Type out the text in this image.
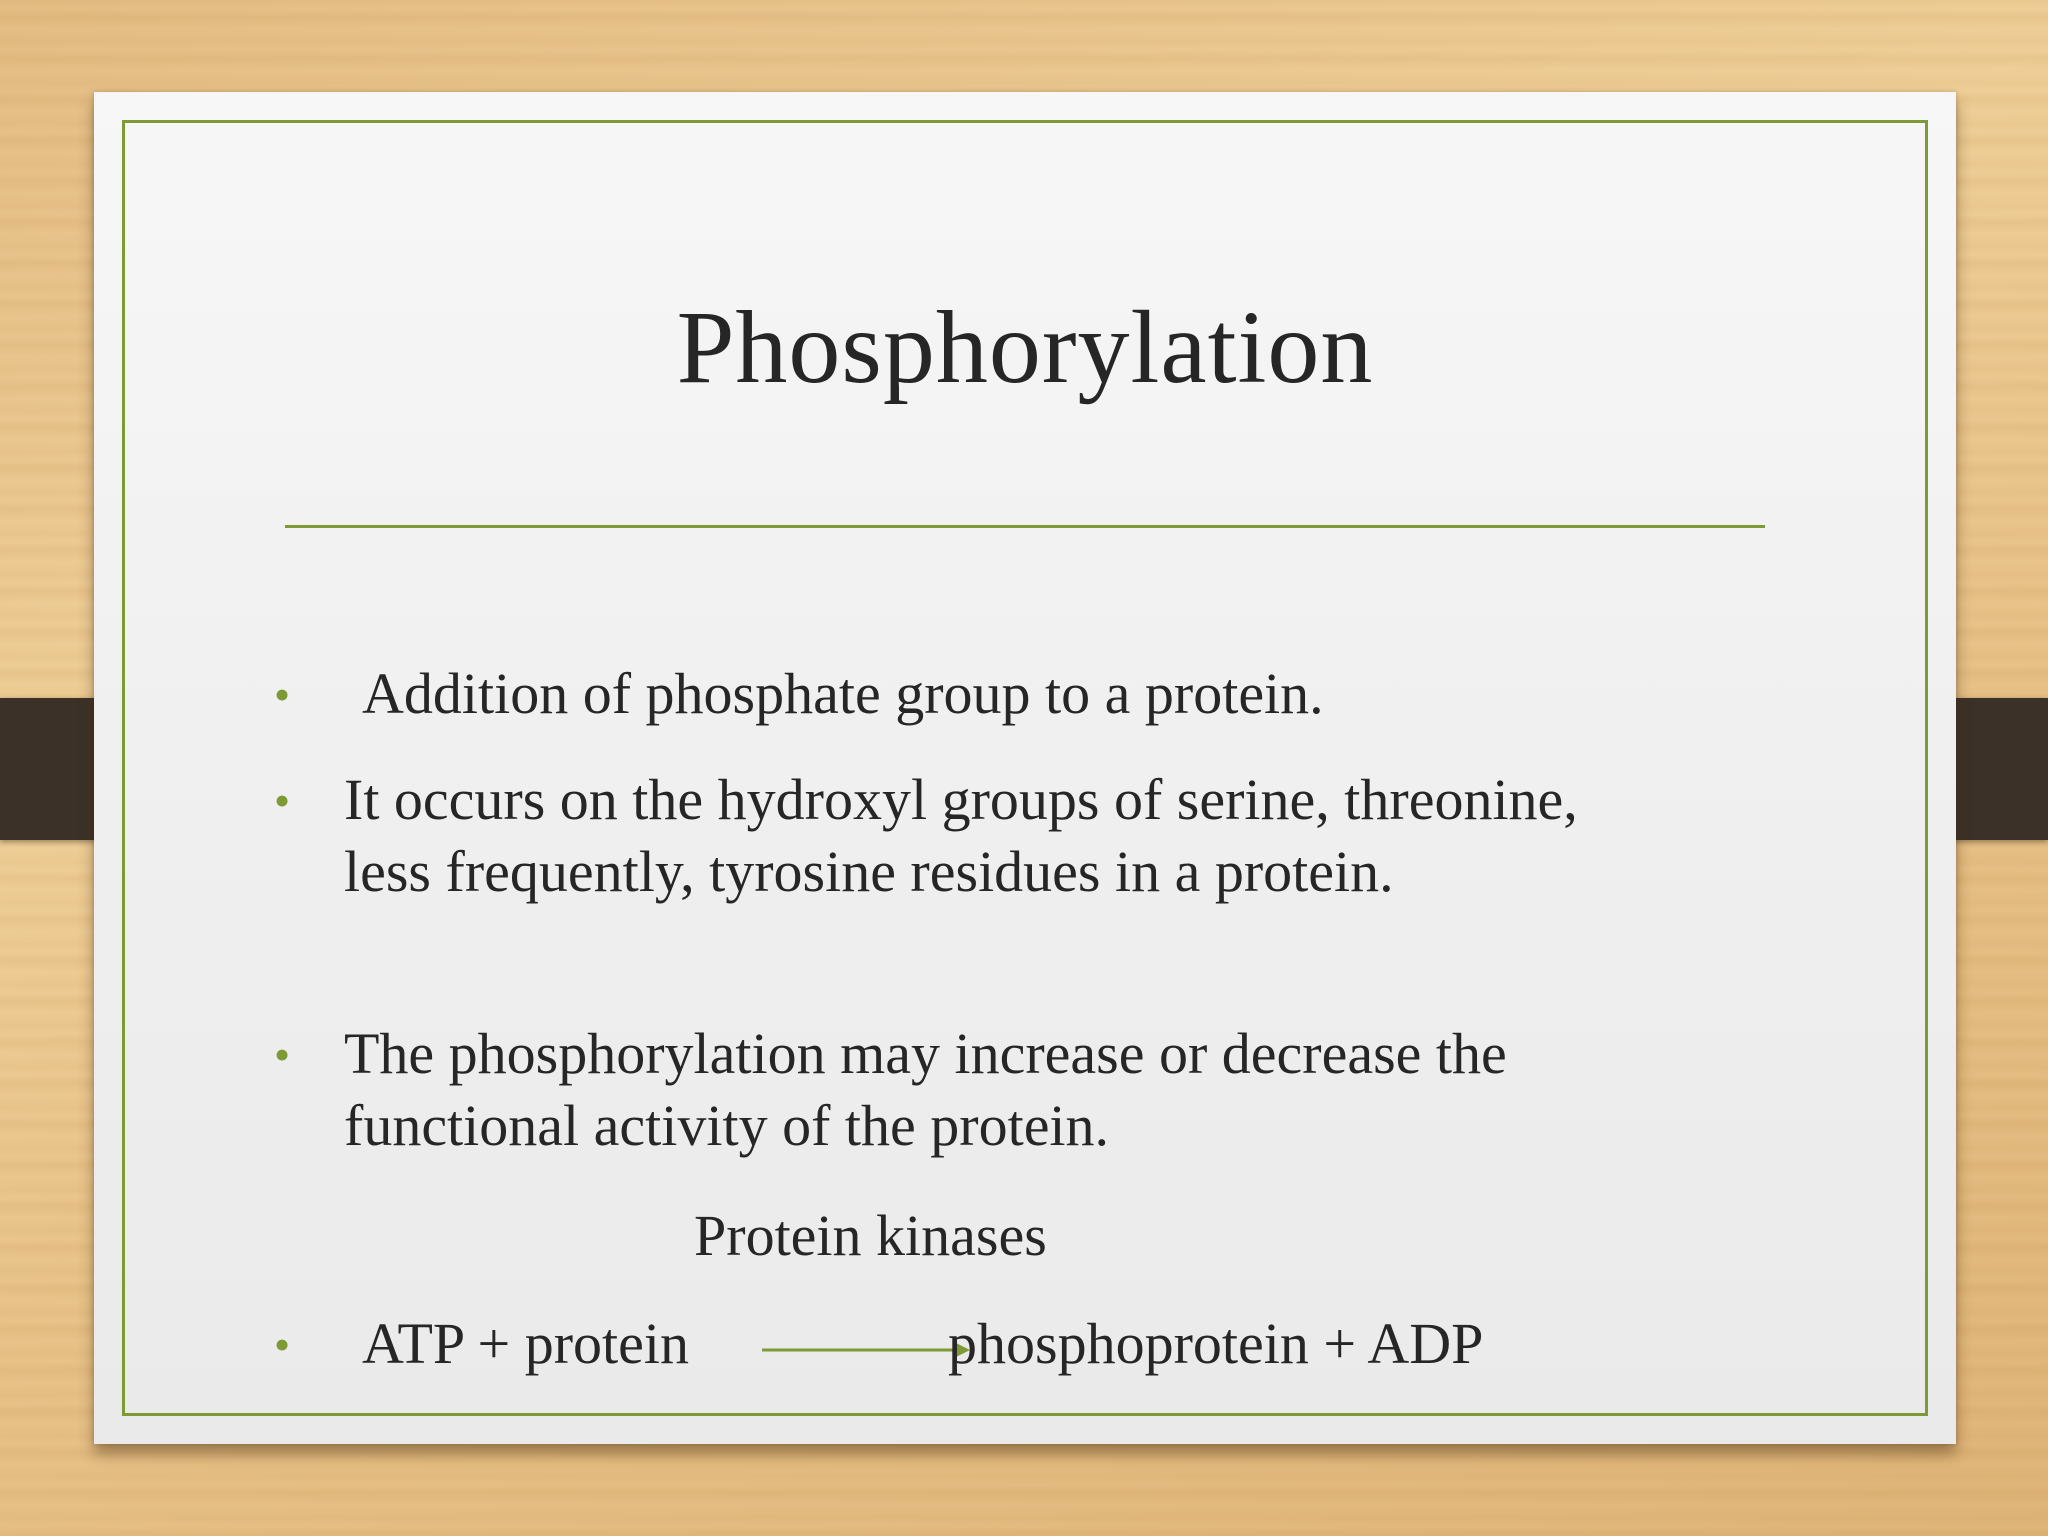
Phosphorylation
• Addition of phosphate group to a protein.
• It occurs on the hydroxyl groups of serine, threonine, less frequently, tyrosine residues in a protein.
• The phosphorylation may increase or decrease the functional activity of the protein.
Protein kinases
• ATP + protein	phosphoprotein + ADP
